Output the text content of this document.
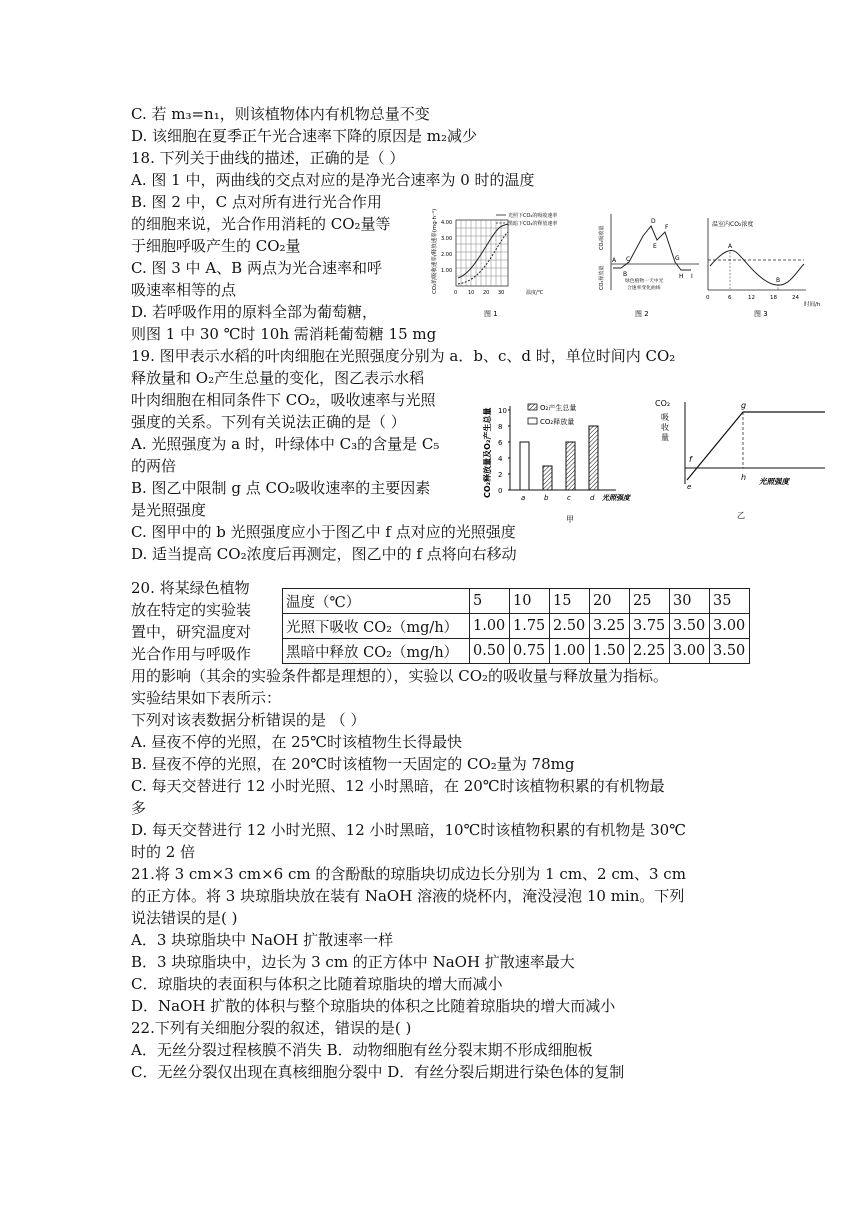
C. 若 m₃=n₁，则该植物体内有机物总量不变
D. 该细胞在夏季正午光合速率下降的原因是 m₂减少
18. 下列关于曲线的描述，正确的是（ ）
A. 图 1 中，两曲线的交点对应的是净光合速率为 0 时的温度
B. 图 2 中，C 点对所有进行光合作用
的细胞来说，光合作用消耗的 CO₂量等
于细胞呼吸产生的 CO₂量
C. 图 3 中 A、B 两点为光合速率和呼
吸速率相等的点
D. 若呼吸作用的原料全部为葡萄糖，
则图 1 中 30 ℃时 10h 需消耗葡萄糖 15 mg
19. 图甲表示水稻的叶肉细胞在光照强度分别为 a．b、c、d 时，单位时间内 CO₂
释放量和 O₂产生总量的变化，图乙表示水稻
叶肉细胞在相同条件下 CO₂，吸收速率与光照
强度的关系。下列有关说法正确的是（ ）
A. 光照强度为 a 时，叶绿体中 C₃的含量是 C₅
的两倍
B. 图乙中限制 g 点 CO₂吸收速率的主要因素
是光照强度
C. 图甲中的 b 光照强度应小于图乙中 f 点对应的光照强度
D. 适当提高 CO₂浓度后再测定，图乙中的 f 点将向右移动
20. 将某绿色植物
放在特定的实验装
置中，研究温度对
光合作用与呼吸作
用的影响（其余的实验条件都是理想的），实验以 CO₂的吸收量与释放量为指标。
实验结果如下表所示：
下列对该表数据分析错误的是 （ ）
A. 昼夜不停的光照，在 25℃时该植物生长得最快
B. 昼夜不停的光照，在 20℃时该植物一天固定的 CO₂量为 78mg
C. 每天交替进行 12 小时光照、12 小时黑暗，在 20℃时该植物积累的有机物最
多
D. 每天交替进行 12 小时光照、12 小时黑暗，10℃时该植物积累的有机物是 30℃
时的 2 倍
21.将 3 cm×3 cm×6 cm 的含酚酞的琼脂块切成边长分别为 1 cm、2 cm、3 cm
的正方体。将 3 块琼脂块放在装有 NaOH 溶液的烧杯内，淹没浸泡 10 min。下列
说法错误的是( )
A．3 块琼脂块中 NaOH 扩散速率一样
B．3 块琼脂块中，边长为 3 cm 的正方体中 NaOH 扩散速率最大
C．琼脂块的表面积与体积之比随着琼脂块的增大而减小
D．NaOH 扩散的体积与整个琼脂块的体积之比随着琼脂块的增大而减小
22.下列有关细胞分裂的叙述，错误的是( )
A．无丝分裂过程核膜不消失 B．动物细胞有丝分裂末期不形成细胞板
C．无丝分裂仅出现在真核细胞分裂中 D．有丝分裂后期进行染色体的复制
温度（℃）	5	10	15	20	25	30	35
光照下吸收 CO₂（mg/h）	1.00	1.75	2.50	3.25	3.75	3.50	3.00
黑暗中释放 CO₂（mg/h）	0.50	0.75	1.00	1.50	2.25	3.00	3.50
CO₂的吸收速率/释放速率(mg·h⁻¹) 1.00
2.00
3.00
4.00
0 10 20 30	温度/℃
光照下CO₂的吸收速率
黑暗下CO₂的释放速率
图 1
CO₂吸收量
CO₂释放量
A
B
C
D
E
F
G
H I
绿色植物一天中光
合速率变化曲线
图 2
温室内CO₂浓度
A
B
0	6	12	18	24
时间/h
图 3
CO₂释放量及O₂产生总量 0
2
4
6
8
10
a	b	c	d 光照强度
O₂产生总量
CO₂释放量
甲
CO₂
吸
收
量
e
f
g
h 光照强度
乙
